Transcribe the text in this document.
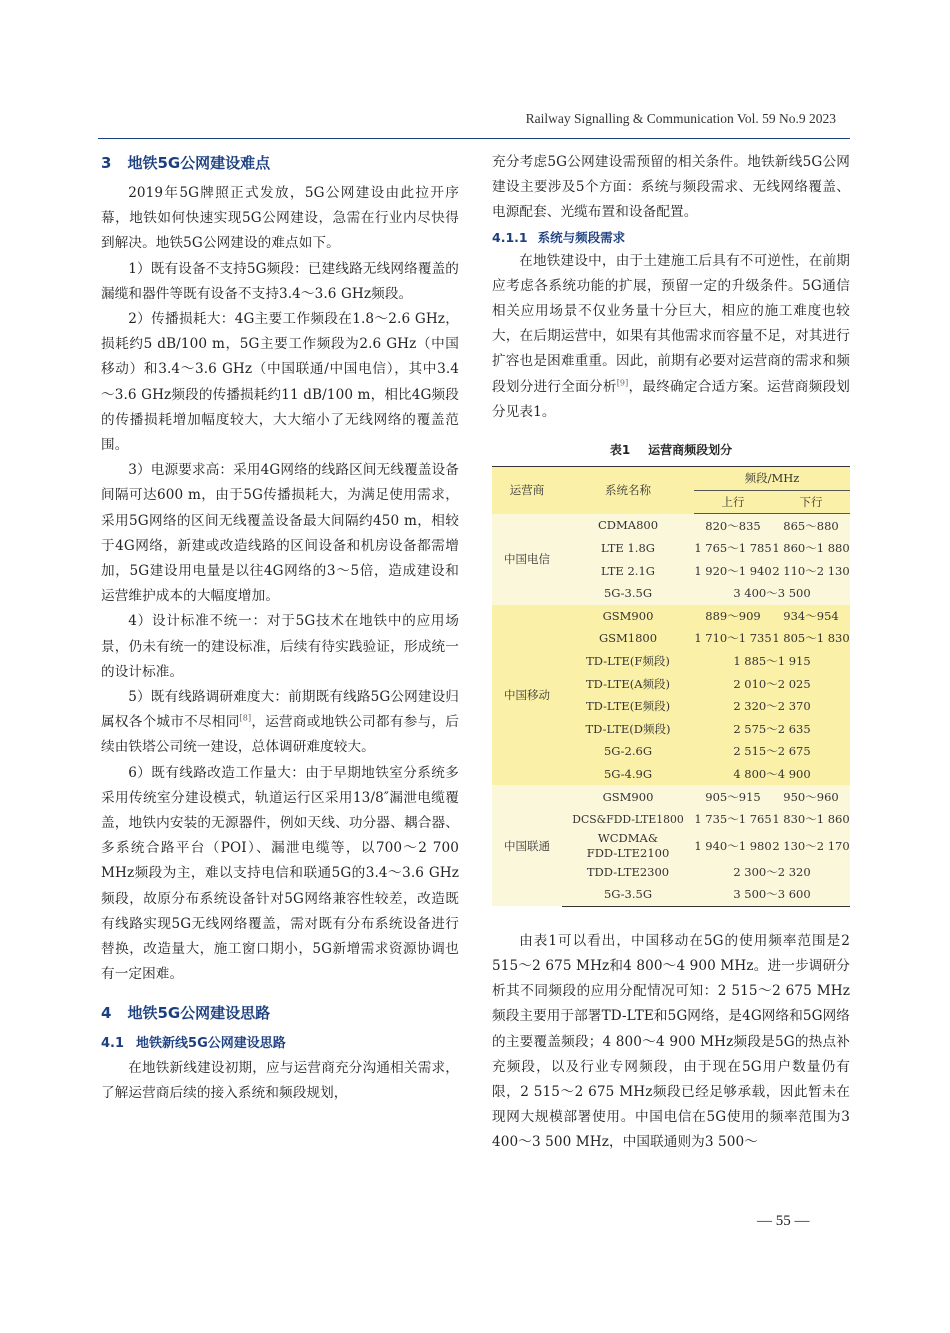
Railway Signalling & Communication Vol. 59 No.9 2023
3 地铁5G公网建设难点

2019年5G牌照正式发放，5G公网建设由此拉开序幕，地铁如何快速实现5G公网建设，急需在行业内尽快得到解决。地铁5G公网建设的难点如下。

1）既有设备不支持5G频段：已建线路无线网络覆盖的漏缆和器件等既有设备不支持3.4～3.6 GHz频段。

2）传播损耗大：4G主要工作频段在1.8～2.6 GHz，损耗约5 dB/100 m，5G主要工作频段为2.6 GHz（中国移动）和3.4～3.6 GHz（中国联通/中国电信），其中3.4～3.6 GHz频段的传播损耗约11 dB/100 m，相比4G频段的传播损耗增加幅度较大，大大缩小了无线网络的覆盖范围。

3）电源要求高：采用4G网络的线路区间无线覆盖设备间隔可达600 m，由于5G传播损耗大，为满足使用需求，采用5G网络的区间无线覆盖设备最大间隔约450 m，相较于4G网络，新建或改造线路的区间设备和机房设备都需增加，5G建设用电量是以往4G网络的3～5倍，造成建设和运营维护成本的大幅度增加。

4）设计标准不统一：对于5G技术在地铁中的应用场景，仍未有统一的建设标准，后续有待实践验证，形成统一的设计标准。

5）既有线路调研难度大：前期既有线路5G公网建设归属权各个城市不尽相同[8]，运营商或地铁公司都有参与，后续由铁塔公司统一建设，总体调研难度较大。

6）既有线路改造工作量大：由于早期地铁室分系统多采用传统室分建设模式，轨道运行区采用13/8″漏泄电缆覆盖，地铁内安装的无源器件，例如天线、功分器、耦合器、多系统合路平台（POI）、漏泄电缆等，以700～2 700 MHz频段为主，难以支持电信和联通5G的3.4～3.6 GHz频段，故原分布系统设备针对5G网络兼容性较差，改造既有线路实现5G无线网络覆盖，需对既有分布系统设备进行替换，改造量大，施工窗口期小，5G新增需求资源协调也有一定困难。

4 地铁5G公网建设思路
4.1 地铁新线5G公网建设思路

在地铁新线建设初期，应与运营商充分沟通相关需求，了解运营商后续的接入系统和频段规划，

充分考虑5G公网建设需预留的相关条件。地铁新线5G公网建设主要涉及5个方面：系统与频段需求、无线网络覆盖、电源配套、光缆布置和设备配置。

4.1.1 系统与频段需求

在地铁建设中，由于土建施工后具有不可逆性，在前期应考虑各系统功能的扩展，预留一定的升级条件。5G通信相关应用场景不仅业务量十分巨大，相应的施工难度也较大，在后期运营中，如果有其他需求而容量不足，对其进行扩容也是困难重重。因此，前期有必要对运营商的需求和频段划分进行全面分析[9]，最终确定合适方案。运营商频段划分见表1。

表1 运营商频段划分
运营商	系统名称	频段/MHz	
		上行	下行
中国电信	CDMA800	820～835	865～880
	LTE 1.8G	1 765～1 785	1 860～1 880
	LTE 2.1G	1 920～1 940	2 110～2 130
	5G-3.5G	3 400～3 500	
中国移动	GSM900	889～909	934～954
	GSM1800	1 710～1 735	1 805～1 830
	TD-LTE(F频段)	1 885～1 915	
	TD-LTE(A频段)	2 010～2 025	
	TD-LTE(E频段)	2 320～2 370	
	TD-LTE(D频段)	2 575～2 635	
	5G-2.6G	2 515～2 675	
	5G-4.9G	4 800～4 900	
中国联通	GSM900	905～915	950～960
	DCS&FDD-LTE1800	1 735～1 765	1 830～1 860
	WCDMA&
FDD-LTE2100	1 940～1 980	2 130～2 170
	TDD-LTE2300	2 300～2 320	
	5G-3.5G	3 500～3 600	

由表1可以看出，中国移动在5G的使用频率范围是2 515～2 675 MHz和4 800～4 900 MHz。进一步调研分析其不同频段的应用分配情况可知：2 515～2 675 MHz频段主要用于部署TD-LTE和5G网络，是4G网络和5G网络的主要覆盖频段；4 800～4 900 MHz频段是5G的热点补充频段，以及行业专网频段，由于现在5G用户数量仍有限，2 515～2 675 MHz频段已经足够承载，因此暂未在现网大规模部署使用。中国电信在5G使用的频率范围为3 400～3 500 MHz，中国联通则为3 500～

— 55 —
